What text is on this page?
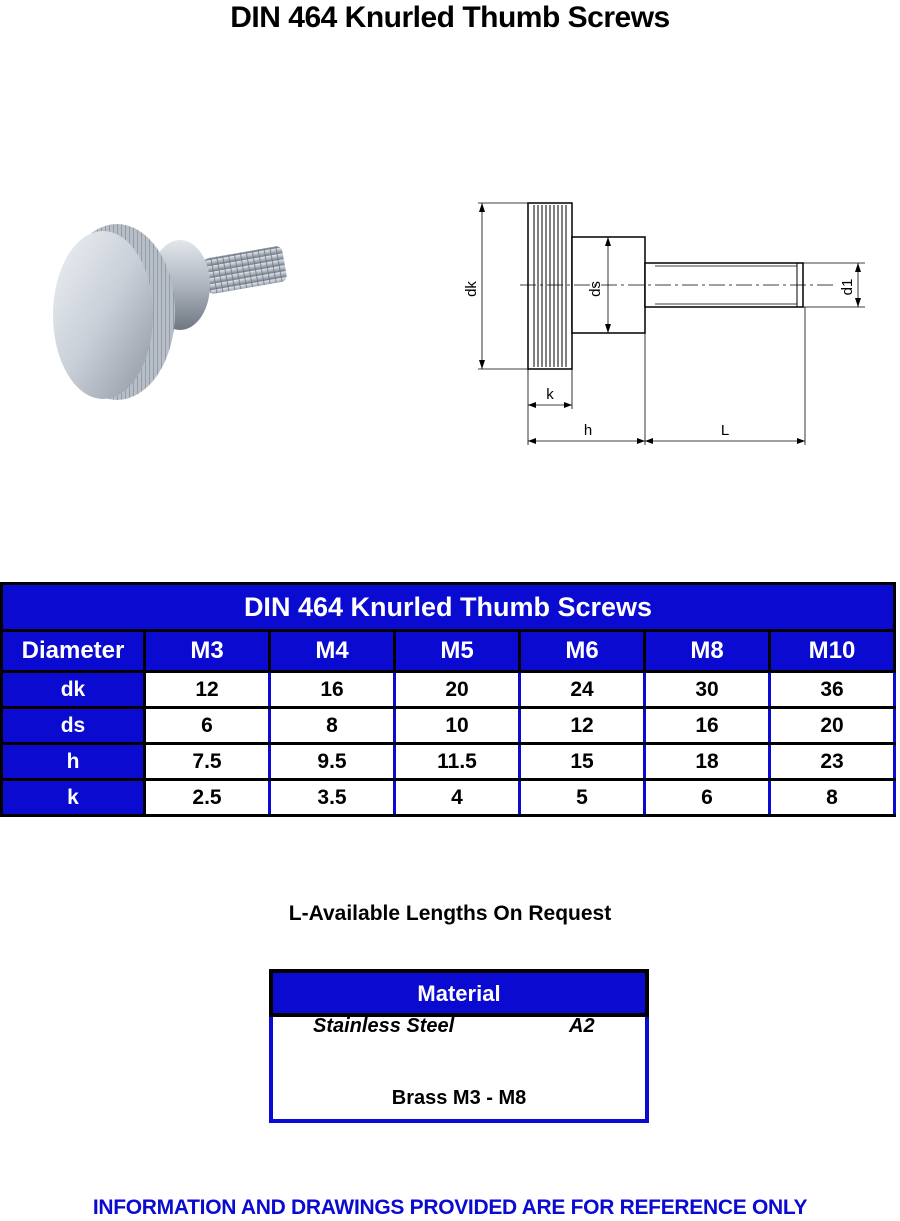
DIN 464 Knurled Thumb Screws
dk	ds	d1
k
h	L
DIN 464 Knurled Thumb Screws						
Diameter	M3	M4	M5	M6	M8	M10
dk	12	16	20	24	30	36
ds	6	8	10	12	16	20
h	7.5	9.5	11.5	15	18	23
k	2.5	3.5	4	5	6	8
L-Available Lengths On Request
Material
Stainless Steel	A2
Brass M3 - M8
INFORMATION AND DRAWINGS PROVIDED ARE FOR REFERENCE ONLY
